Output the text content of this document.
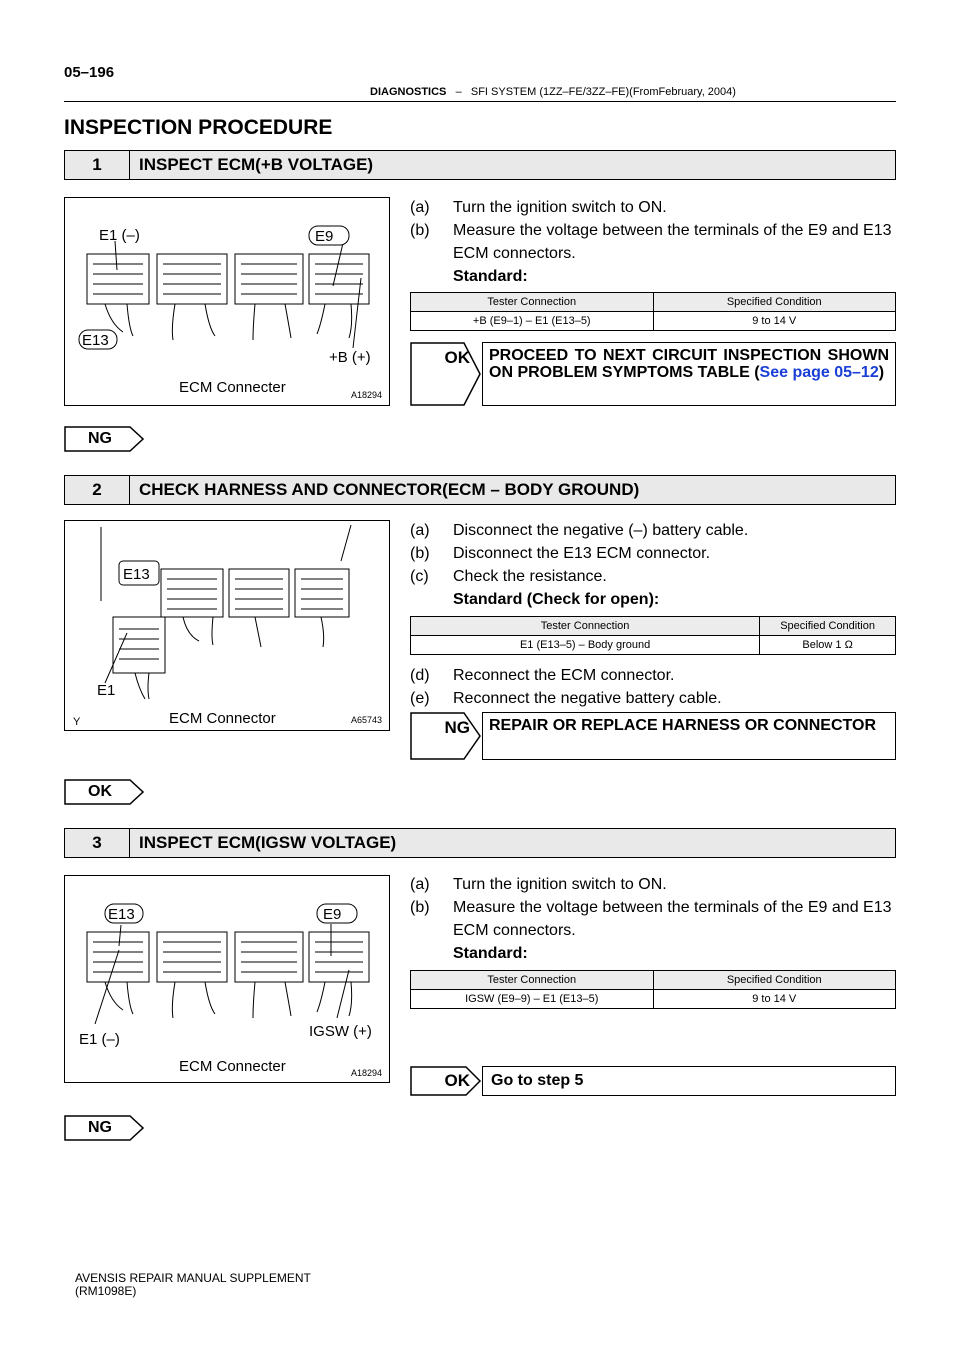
05–196
DIAGNOSTICS – SFI SYSTEM (1ZZ–FE/3ZZ–FE)(FromFebruary, 2004)
INSPECTION PROCEDURE
1	INSPECT ECM(+B VOLTAGE)
E1 (–)	E9
E13
+B (+)
ECM Connecter	A18294
(a)	Turn the ignition switch to ON.
(b)	Measure the voltage between the terminals of the E9 and E13 ECM connectors.
Standard:
Tester Connection	Specified Condition
+B (E9–1) – E1 (E13–5)	9 to 14 V
OK	PROCEED TO NEXT CIRCUIT INSPECTION SHOWN ON PROBLEM SYMPTOMS TABLE (See page 05–12)
NG
2	CHECK HARNESS AND CONNECTOR(ECM – BODY GROUND)
E13
E1
ECM Connector
Y	A65743
(a)	Disconnect the negative (–) battery cable.
(b)	Disconnect the E13 ECM connector.
(c)	Check the resistance.
Standard (Check for open):
Tester Connection	Specified Condition
E1 (E13–5) – Body ground	Below 1 Ω
(d)	Reconnect the ECM connector.
(e)	Reconnect the negative battery cable.
NG	REPAIR OR REPLACE HARNESS OR CONNECTOR
OK
3	INSPECT ECM(IGSW VOLTAGE)
E13	E9
E1 (–)	IGSW (+)
ECM Connecter	A18294
(a)	Turn the ignition switch to ON.
(b)	Measure the voltage between the terminals of the E9 and E13 ECM connectors.
Standard:
Tester Connection	Specified Condition
IGSW (E9–9) – E1 (E13–5)	9 to 14 V
OK	Go to step 5
NG
AVENSIS REPAIR MANUAL SUPPLEMENT
(RM1098E)
